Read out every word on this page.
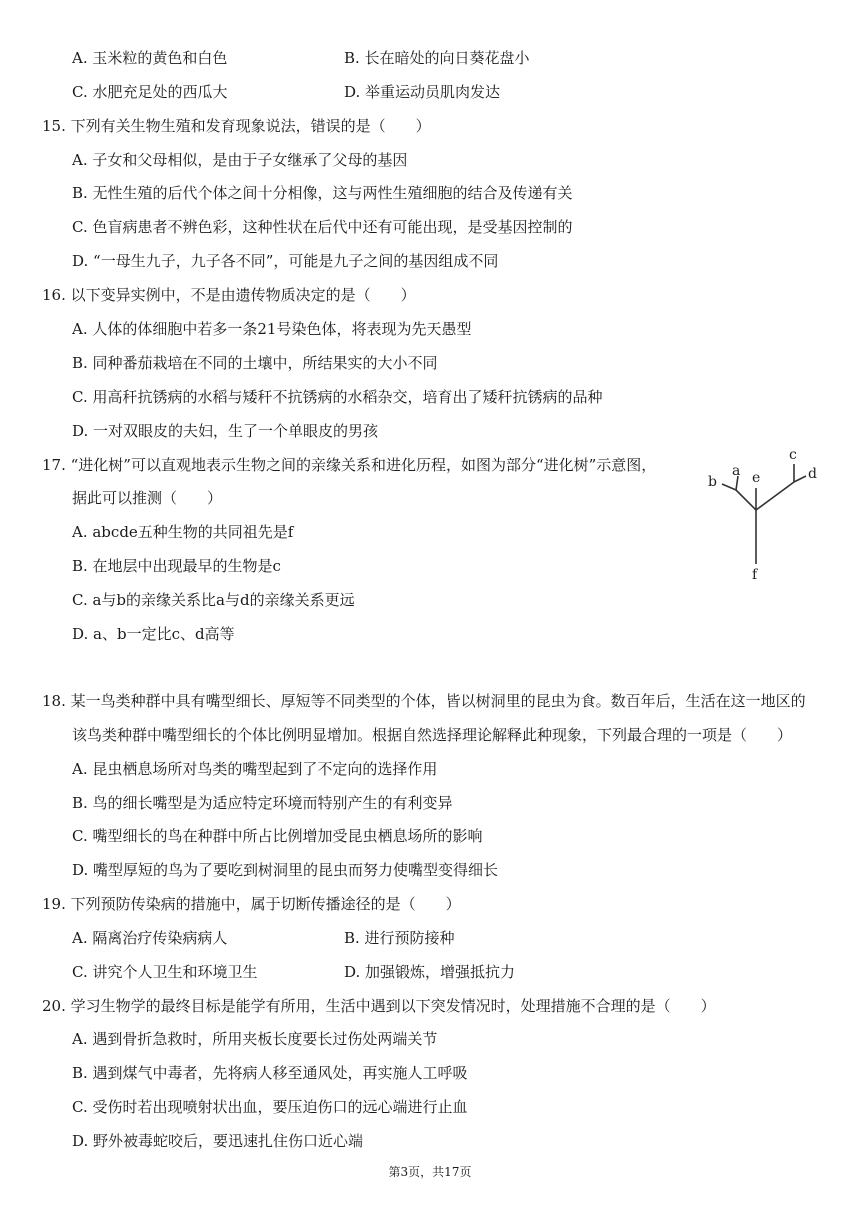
A. 玉米粒的黄色和白色	B. 长在暗处的向日葵花盘小
C. 水肥充足处的西瓜大	D. 举重运动员肌肉发达
15. 下列有关生物生殖和发育现象说法，错误的是（　　）
A. 子女和父母相似，是由于子女继承了父母的基因
B. 无性生殖的后代个体之间十分相像，这与两性生殖细胞的结合及传递有关
C. 色盲病患者不辨色彩，这种性状在后代中还有可能出现，是受基因控制的
D. “一母生九子，九子各不同”，可能是九子之间的基因组成不同
16. 以下变异实例中，不是由遗传物质决定的是（　　）
A. 人体的体细胞中若多一条21号染色体，将表现为先天愚型
B. 同种番茄栽培在不同的土壤中，所结果实的大小不同
C. 用高秆抗锈病的水稻与矮秆不抗锈病的水稻杂交，培育出了矮秆抗锈病的品种
D. 一对双眼皮的夫妇，生了一个单眼皮的男孩
17. “进化树”可以直观地表示生物之间的亲缘关系和进化历程，如图为部分“进化树”示意图，
据此可以推测（　　）
A. abcde五种生物的共同祖先是f
B. 在地层中出现最早的生物是c
C. a与b的亲缘关系比a与d的亲缘关系更远
D. a、b一定比c、d高等
a
b
c
d
e
f
18. 某一鸟类种群中具有嘴型细长、厚短等不同类型的个体，皆以树洞里的昆虫为食。数百年后，生活在这一地区的
该鸟类种群中嘴型细长的个体比例明显增加。根据自然选择理论解释此种现象，下列最合理的一项是（　　）
A. 昆虫栖息场所对鸟类的嘴型起到了不定向的选择作用
B. 鸟的细长嘴型是为适应特定环境而特别产生的有利变异
C. 嘴型细长的鸟在种群中所占比例增加受昆虫栖息场所的影响
D. 嘴型厚短的鸟为了要吃到树洞里的昆虫而努力使嘴型变得细长
19. 下列预防传染病的措施中，属于切断传播途径的是（　　）
A. 隔离治疗传染病病人	B. 进行预防接种
C. 讲究个人卫生和环境卫生	D. 加强锻炼，增强抵抗力
20. 学习生物学的最终目标是能学有所用，生活中遇到以下突发情况时，处理措施不合理的是（　　）
A. 遇到骨折急救时，所用夹板长度要长过伤处两端关节
B. 遇到煤气中毒者，先将病人移至通风处，再实施人工呼吸
C. 受伤时若出现喷射状出血，要压迫伤口的远心端进行止血
D. 野外被毒蛇咬后，要迅速扎住伤口近心端
第3页，共17页
